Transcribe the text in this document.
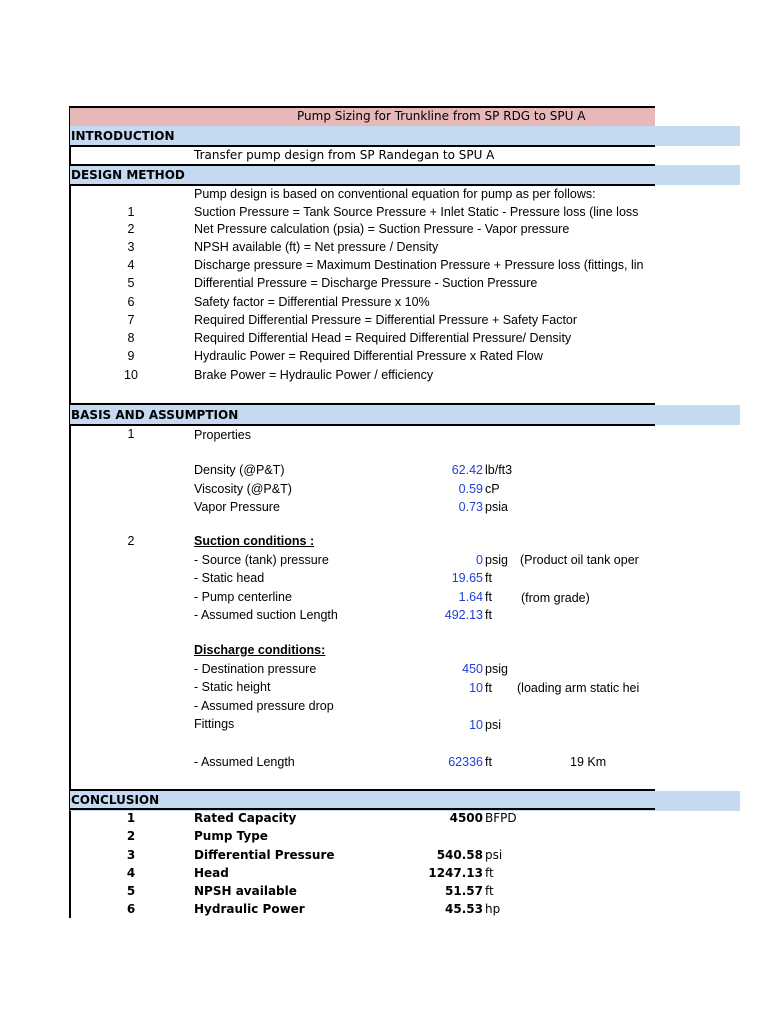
Pump Sizing for Trunkline from SP RDG to SPU A
INTRODUCTION
Transfer pump design from SP Randegan to SPU A
DESIGN METHOD
Pump design is based on conventional equation for pump as per follows:
1	Suction Pressure = Tank Source Pressure + Inlet Static - Pressure loss (line loss
2	Net Pressure calculation (psia) = Suction Pressure - Vapor pressure
3	NPSH available (ft) = Net pressure / Density
4	Discharge pressure = Maximum Destination Pressure + Pressure loss (fittings, lin
5	Differential Pressure = Discharge Pressure - Suction Pressure
6	Safety factor = Differential Pressure x 10%
7	Required Differential Pressure = Differential Pressure + Safety Factor
8	Required Differential Head = Required Differential Pressure/ Density
9	Hydraulic Power = Required Differential Pressure x Rated Flow
10	Brake Power = Hydraulic Power / efficiency
BASIS AND ASSUMPTION
1	Properties
Density (@P&T)	62.42 lb/ft3
Viscosity (@P&T)	0.59 cP
Vapor Pressure	0.73 psia
2	Suction conditions :
- Source (tank) pressure	0 psig (Product oil tank oper
- Static head	19.65 ft
- Pump centerline	1.64 ft (from grade)
- Assumed suction Length	492.13 ft
Discharge conditions:
- Destination pressure	450 psig
- Static height	10 ft (loading arm static hei
- Assumed pressure drop
Fittings	10 psi
- Assumed Length	62336 ft	19 Km
CONCLUSION
1	Rated Capacity	4500 BFPD
2	Pump Type
3	Differential Pressure	540.58 psi
4	Head	1247.13 ft
5	NPSH available	51.57 ft
6	Hydraulic Power	45.53 hp
